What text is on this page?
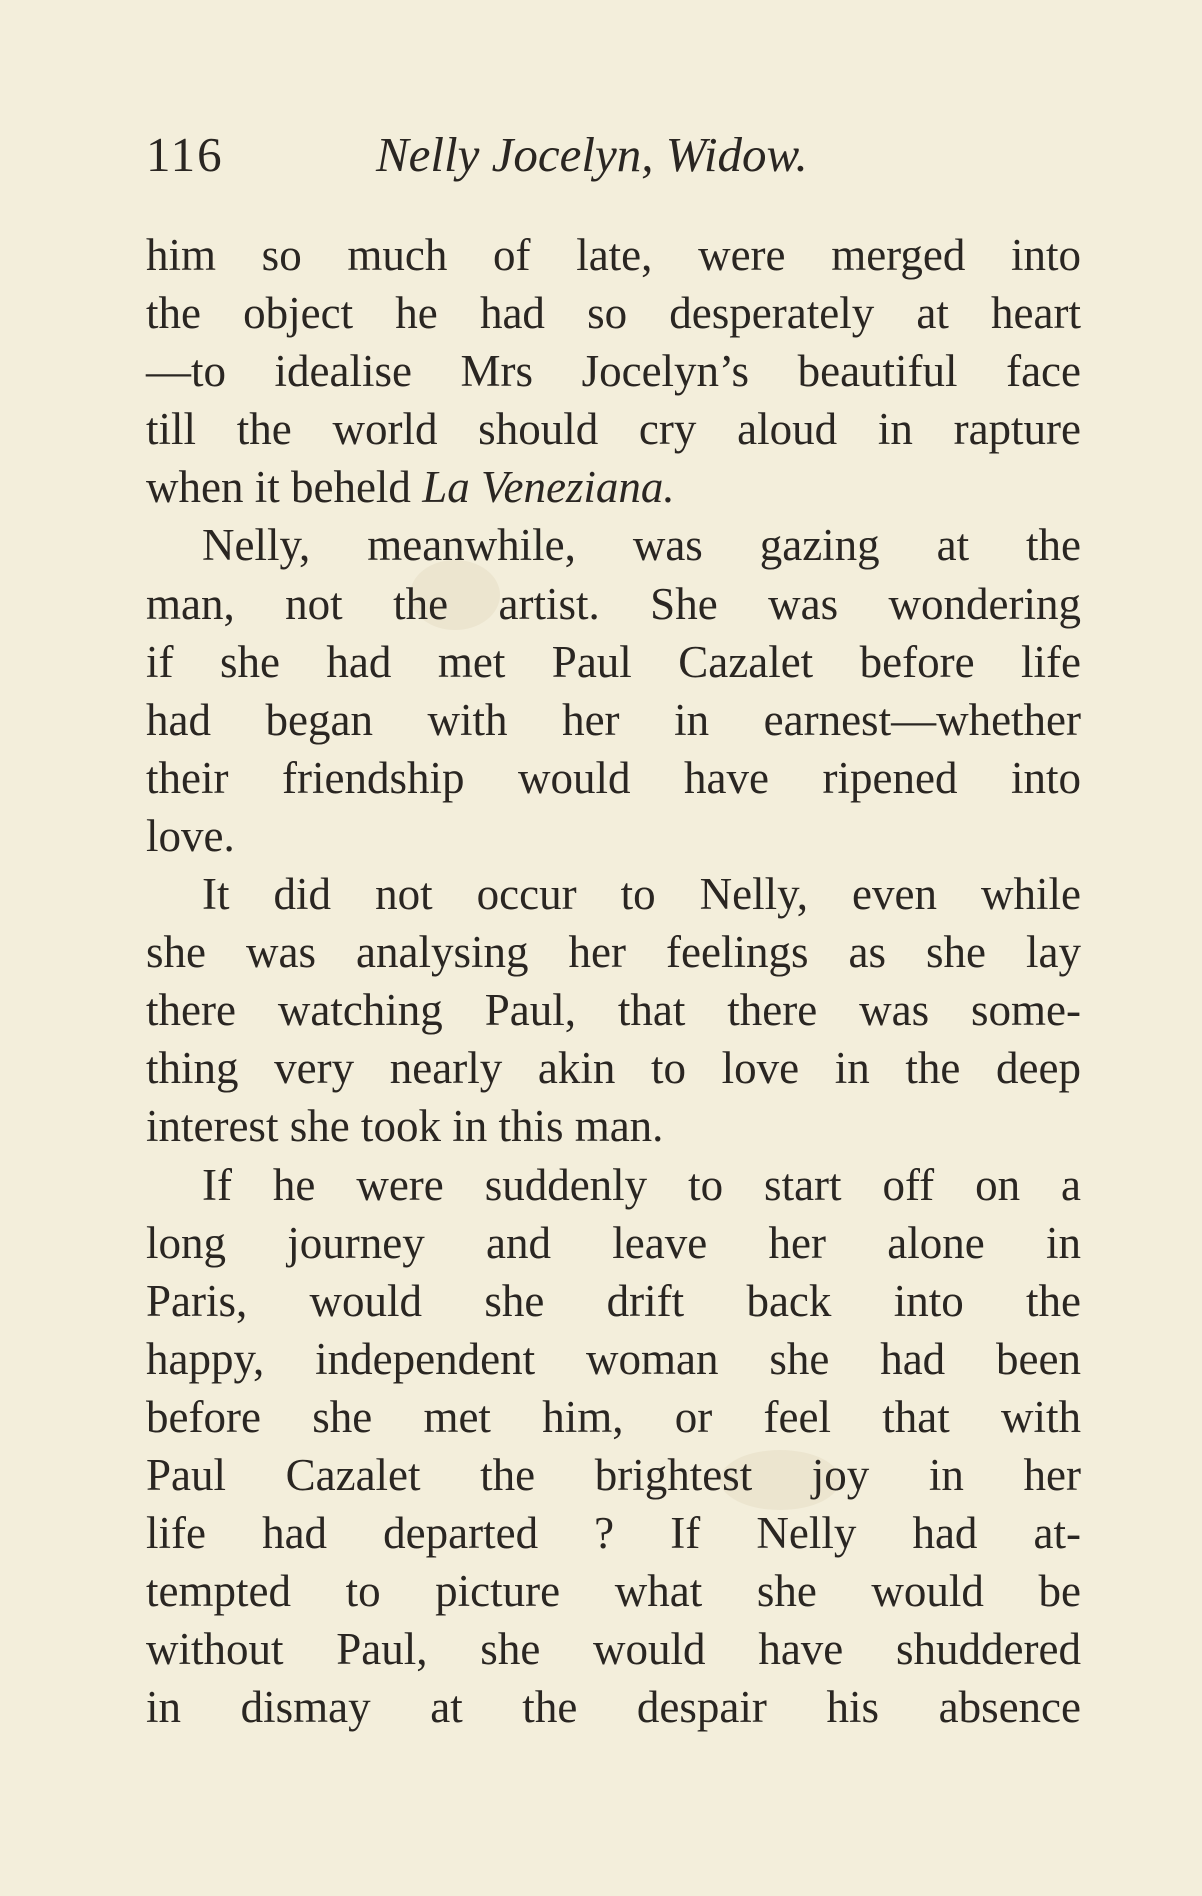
116	Nelly Jocelyn, Widow.
him so much of late, were merged into
the object he had so desperately at heart
—to idealise Mrs Jocelyn’s beautiful face
till the world should cry aloud in rapture
when it beheld La Veneziana.
Nelly, meanwhile, was gazing at the
man, not the artist. She was wondering
if she had met Paul Cazalet before life
had began with her in earnest—whether
their friendship would have ripened into
love.
It did not occur to Nelly, even while
she was analysing her feelings as she lay
there watching Paul, that there was some-
thing very nearly akin to love in the deep
interest she took in this man.
If he were suddenly to start off on a
long journey and leave her alone in
Paris, would she drift back into the
happy, independent woman she had been
before she met him, or feel that with
Paul Cazalet the brightest joy in her
life had departed ? If Nelly had at-
tempted to picture what she would be
without Paul, she would have shuddered
in dismay at the despair his absence
